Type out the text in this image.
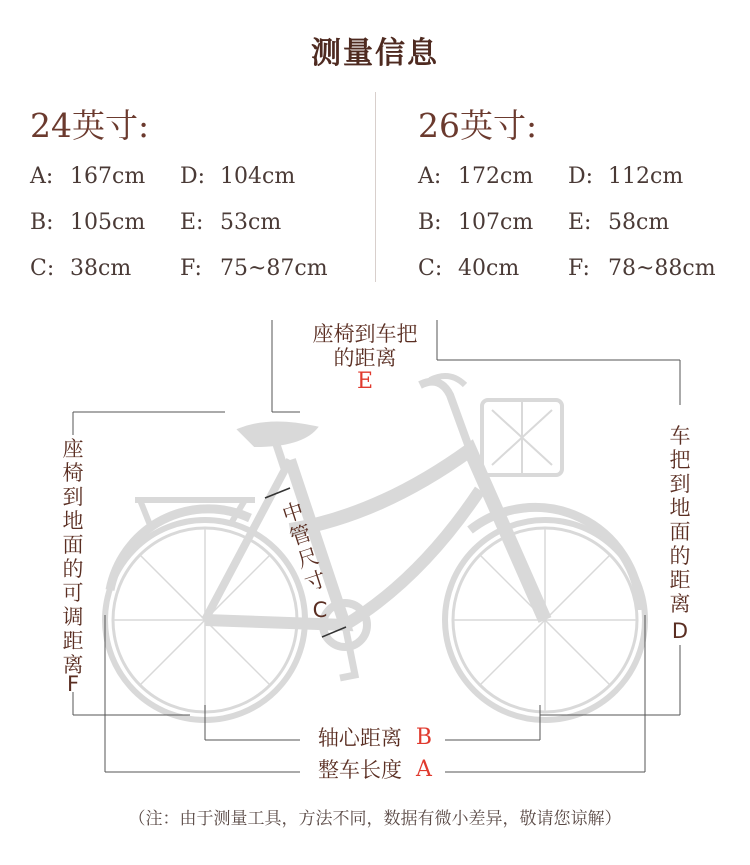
测量信息
24英寸:
A: 167cm D: 104cm
B: 105cm E: 53cm
C: 38cm F: 75~87cm
26英寸:
A: 172cm D: 112cm
B: 107cm E: 58cm
C: 40cm F: 78~88cm
座椅到车把
的距离
E
座椅到地面的可调距离
F
车把到地面的距离
D
中管尺寸
C
轴心距离 B
整车长度 A
（注：由于测量工具，方法不同，数据有微小差异，敬请您谅解）
